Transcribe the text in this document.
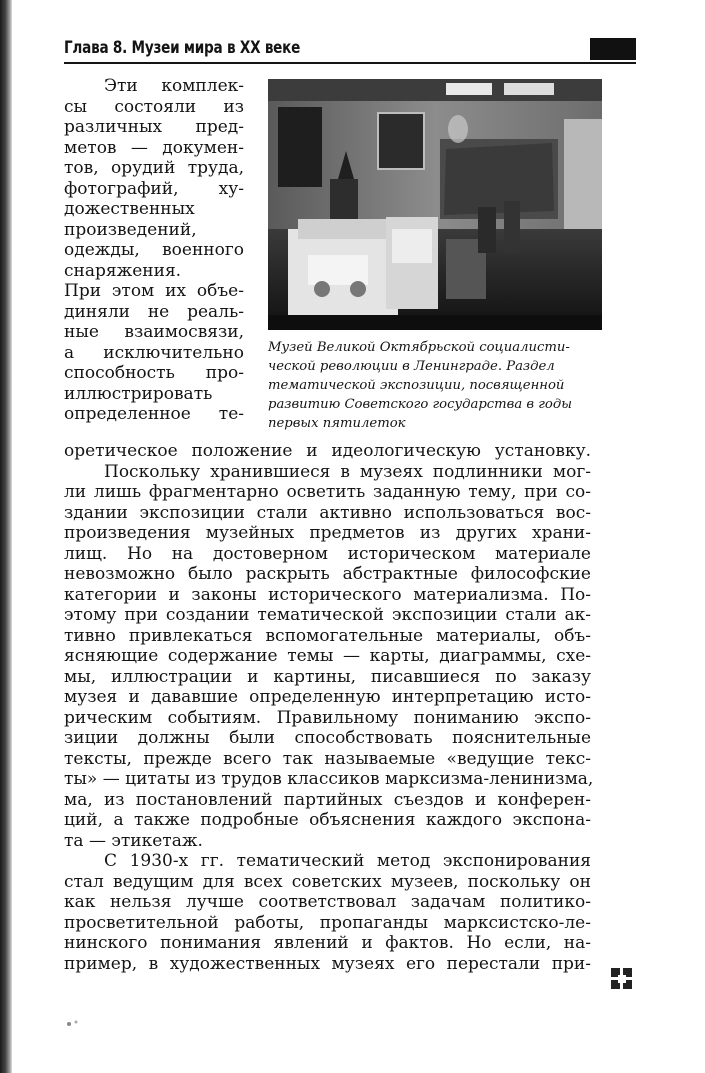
Глава 8. Музеи мира в XX веке
Эти комплек-
сы состояли из
различных пред-
метов — докумен-
тов, орудий труда,
фотографий, ху-
дожественных
произведений,
одежды, военного
снаряжения.
При этом их объе-
диняли не реаль-
ные взаимосвязи,
а исключительно
способность про-
иллюстрировать
определенное те-
Музей Великой Октябрьской социалисти-
ческой революции в Ленинграде. Раздел
тематической экспозиции, посвященной
развитию Советского государства в годы
первых пятилеток
оретическое положение и идеологическую установку.
Поскольку хранившиеся в музеях подлинники мог-
ли лишь фрагментарно осветить заданную тему, при со-
здании экспозиции стали активно использоваться вос-
произведения музейных предметов из других храни-
лищ. Но на достоверном историческом материале
невозможно было раскрыть абстрактные философские
категории и законы исторического материализма. По-
этому при создании тематической экспозиции стали ак-
тивно привлекаться вспомогательные материалы, объ-
ясняющие содержание темы — карты, диаграммы, схе-
мы, иллюстрации и картины, писавшиеся по заказу
музея и дававшие определенную интерпретацию исто-
рическим событиям. Правильному пониманию экспо-
зиции должны были способствовать пояснительные
тексты, прежде всего так называемые «ведущие текс-
ты» — цитаты из трудов классиков марксизма-ленинизма,
ма, из постановлений партийных съездов и конферен-
ций, а также подробные объяснения каждого экспона-
та — этикетаж.
С 1930-х гг. тематический метод экспонирования
стал ведущим для всех советских музеев, поскольку он
как нельзя лучше соответствовал задачам политико-
просветительной работы, пропаганды марксистско-ле-
нинского понимания явлений и фактов. Но если, на-
пример, в художественных музеях его перестали при-
